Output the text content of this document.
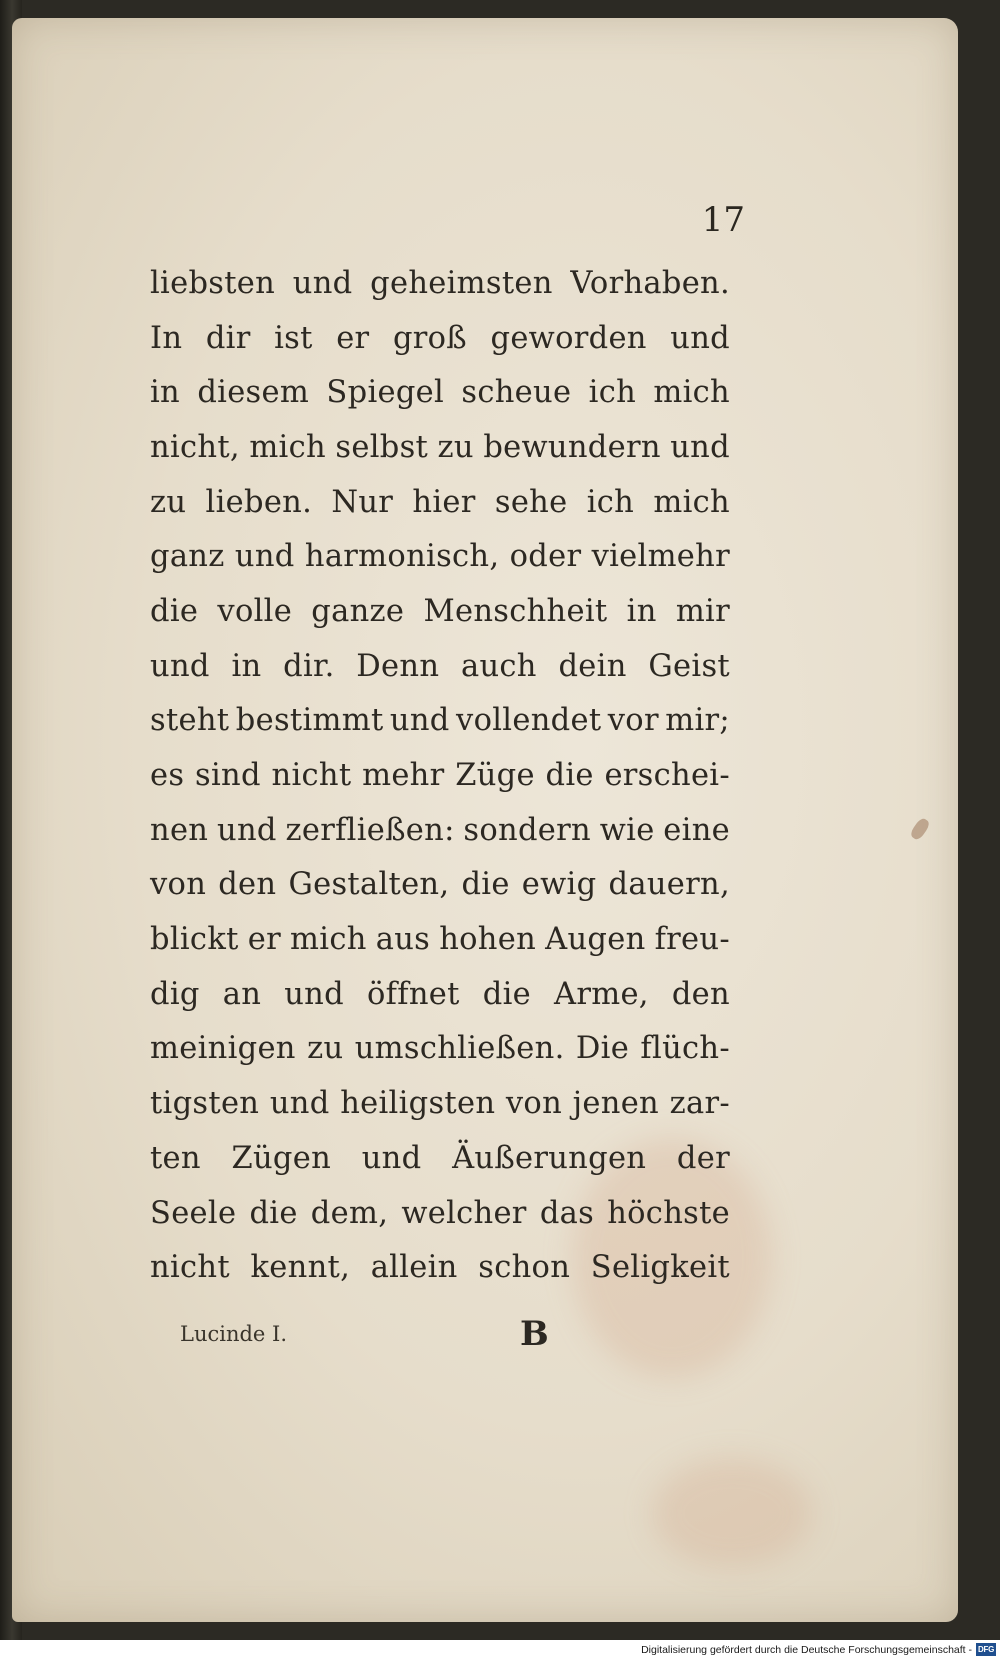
17
liebsten und geheimsten Vorhaben.
In dir ist er groß geworden und
in diesem Spiegel scheue ich mich
nicht, mich selbst zu bewundern und
zu lieben. Nur hier sehe ich mich
ganz und harmonisch, oder vielmehr
die volle ganze Menschheit in mir
und in dir. Denn auch dein Geist
steht bestimmt und vollendet vor mir;
es sind nicht mehr Züge die erschei-
nen und zerfließen: sondern wie eine
von den Gestalten, die ewig dauern,
blickt er mich aus hohen Augen freu-
dig an und öffnet die Arme, den
meinigen zu umschließen. Die flüch-
tigsten und heiligsten von jenen zar-
ten Zügen und Äußerungen der
Seele die dem, welcher das höchste
nicht kennt, allein schon Seligkeit
Lucinde I.	B
Digitalisierung gefördert durch die Deutsche Forschungsgemeinschaft - DFG
